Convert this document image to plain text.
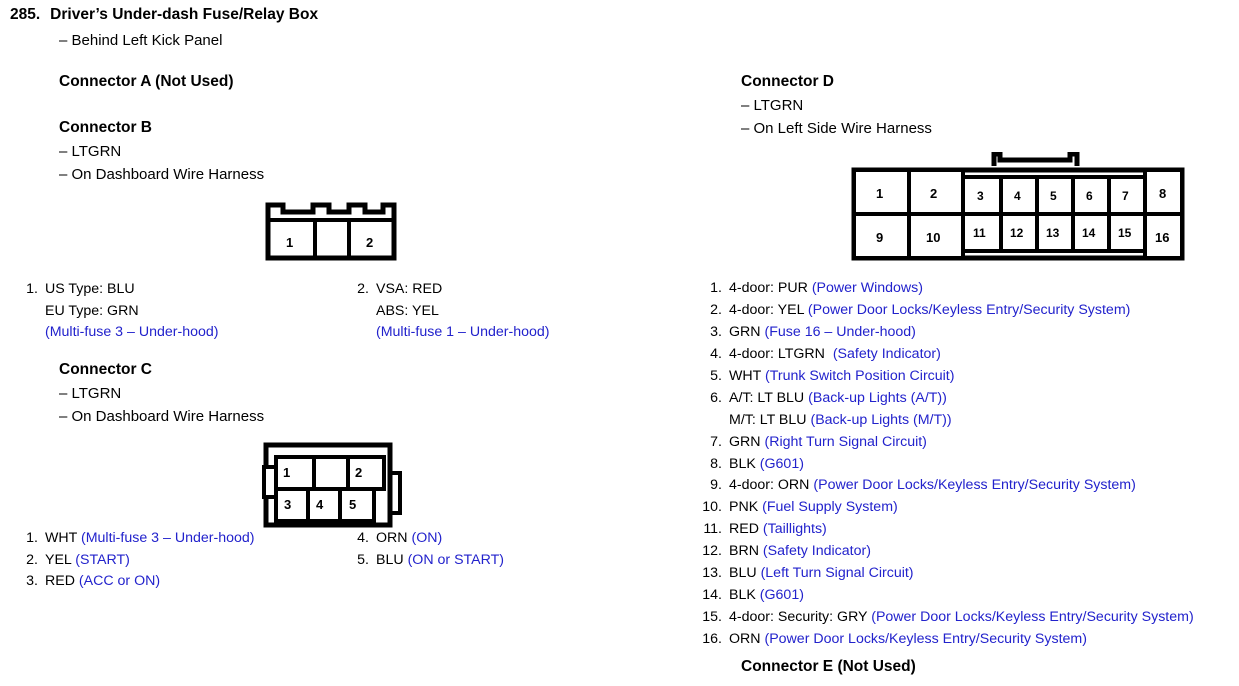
285. Driver’s Under-dash Fuse/Relay Box
– Behind Left Kick Panel
Connector A (Not Used)
Connector B
– LTGRN
– On Dashboard Wire Harness
1	2
1. US Type: BLU
EU Type: GRN
(Multi-fuse 3 – Under-hood)
2. VSA: RED
ABS: YEL
(Multi-fuse 1 – Under-hood)
Connector C
– LTGRN
– On Dashboard Wire Harness
1	2
3 4 5
1. WHT (Multi-fuse 3 – Under-hood)
2. YEL (START)
3. RED (ACC or ON)
4. ORN (ON)
5. BLU (ON or START)
Connector D
– LTGRN
– On Left Side Wire Harness
1	2	3	4 5 6 7 8
9	10	11 12 13 14 15 16
1. 4-door: PUR (Power Windows)
2. 4-door: YEL (Power Door Locks/Keyless Entry/Security System)
3. GRN (Fuse 16 – Under-hood)
4. 4-door: LTGRN (Safety Indicator)
5. WHT (Trunk Switch Position Circuit)
6. A/T: LT BLU (Back-up Lights (A/T))
M/T: LT BLU (Back-up Lights (M/T))
7. GRN (Right Turn Signal Circuit)
8. BLK (G601)
9. 4-door: ORN (Power Door Locks/Keyless Entry/Security System)
10. PNK (Fuel Supply System)
11. RED (Taillights)
12. BRN (Safety Indicator)
13. BLU (Left Turn Signal Circuit)
14. BLK (G601)
15. 4-door: Security: GRY (Power Door Locks/Keyless Entry/Security System)
16. ORN (Power Door Locks/Keyless Entry/Security System)
Connector E (Not Used)
